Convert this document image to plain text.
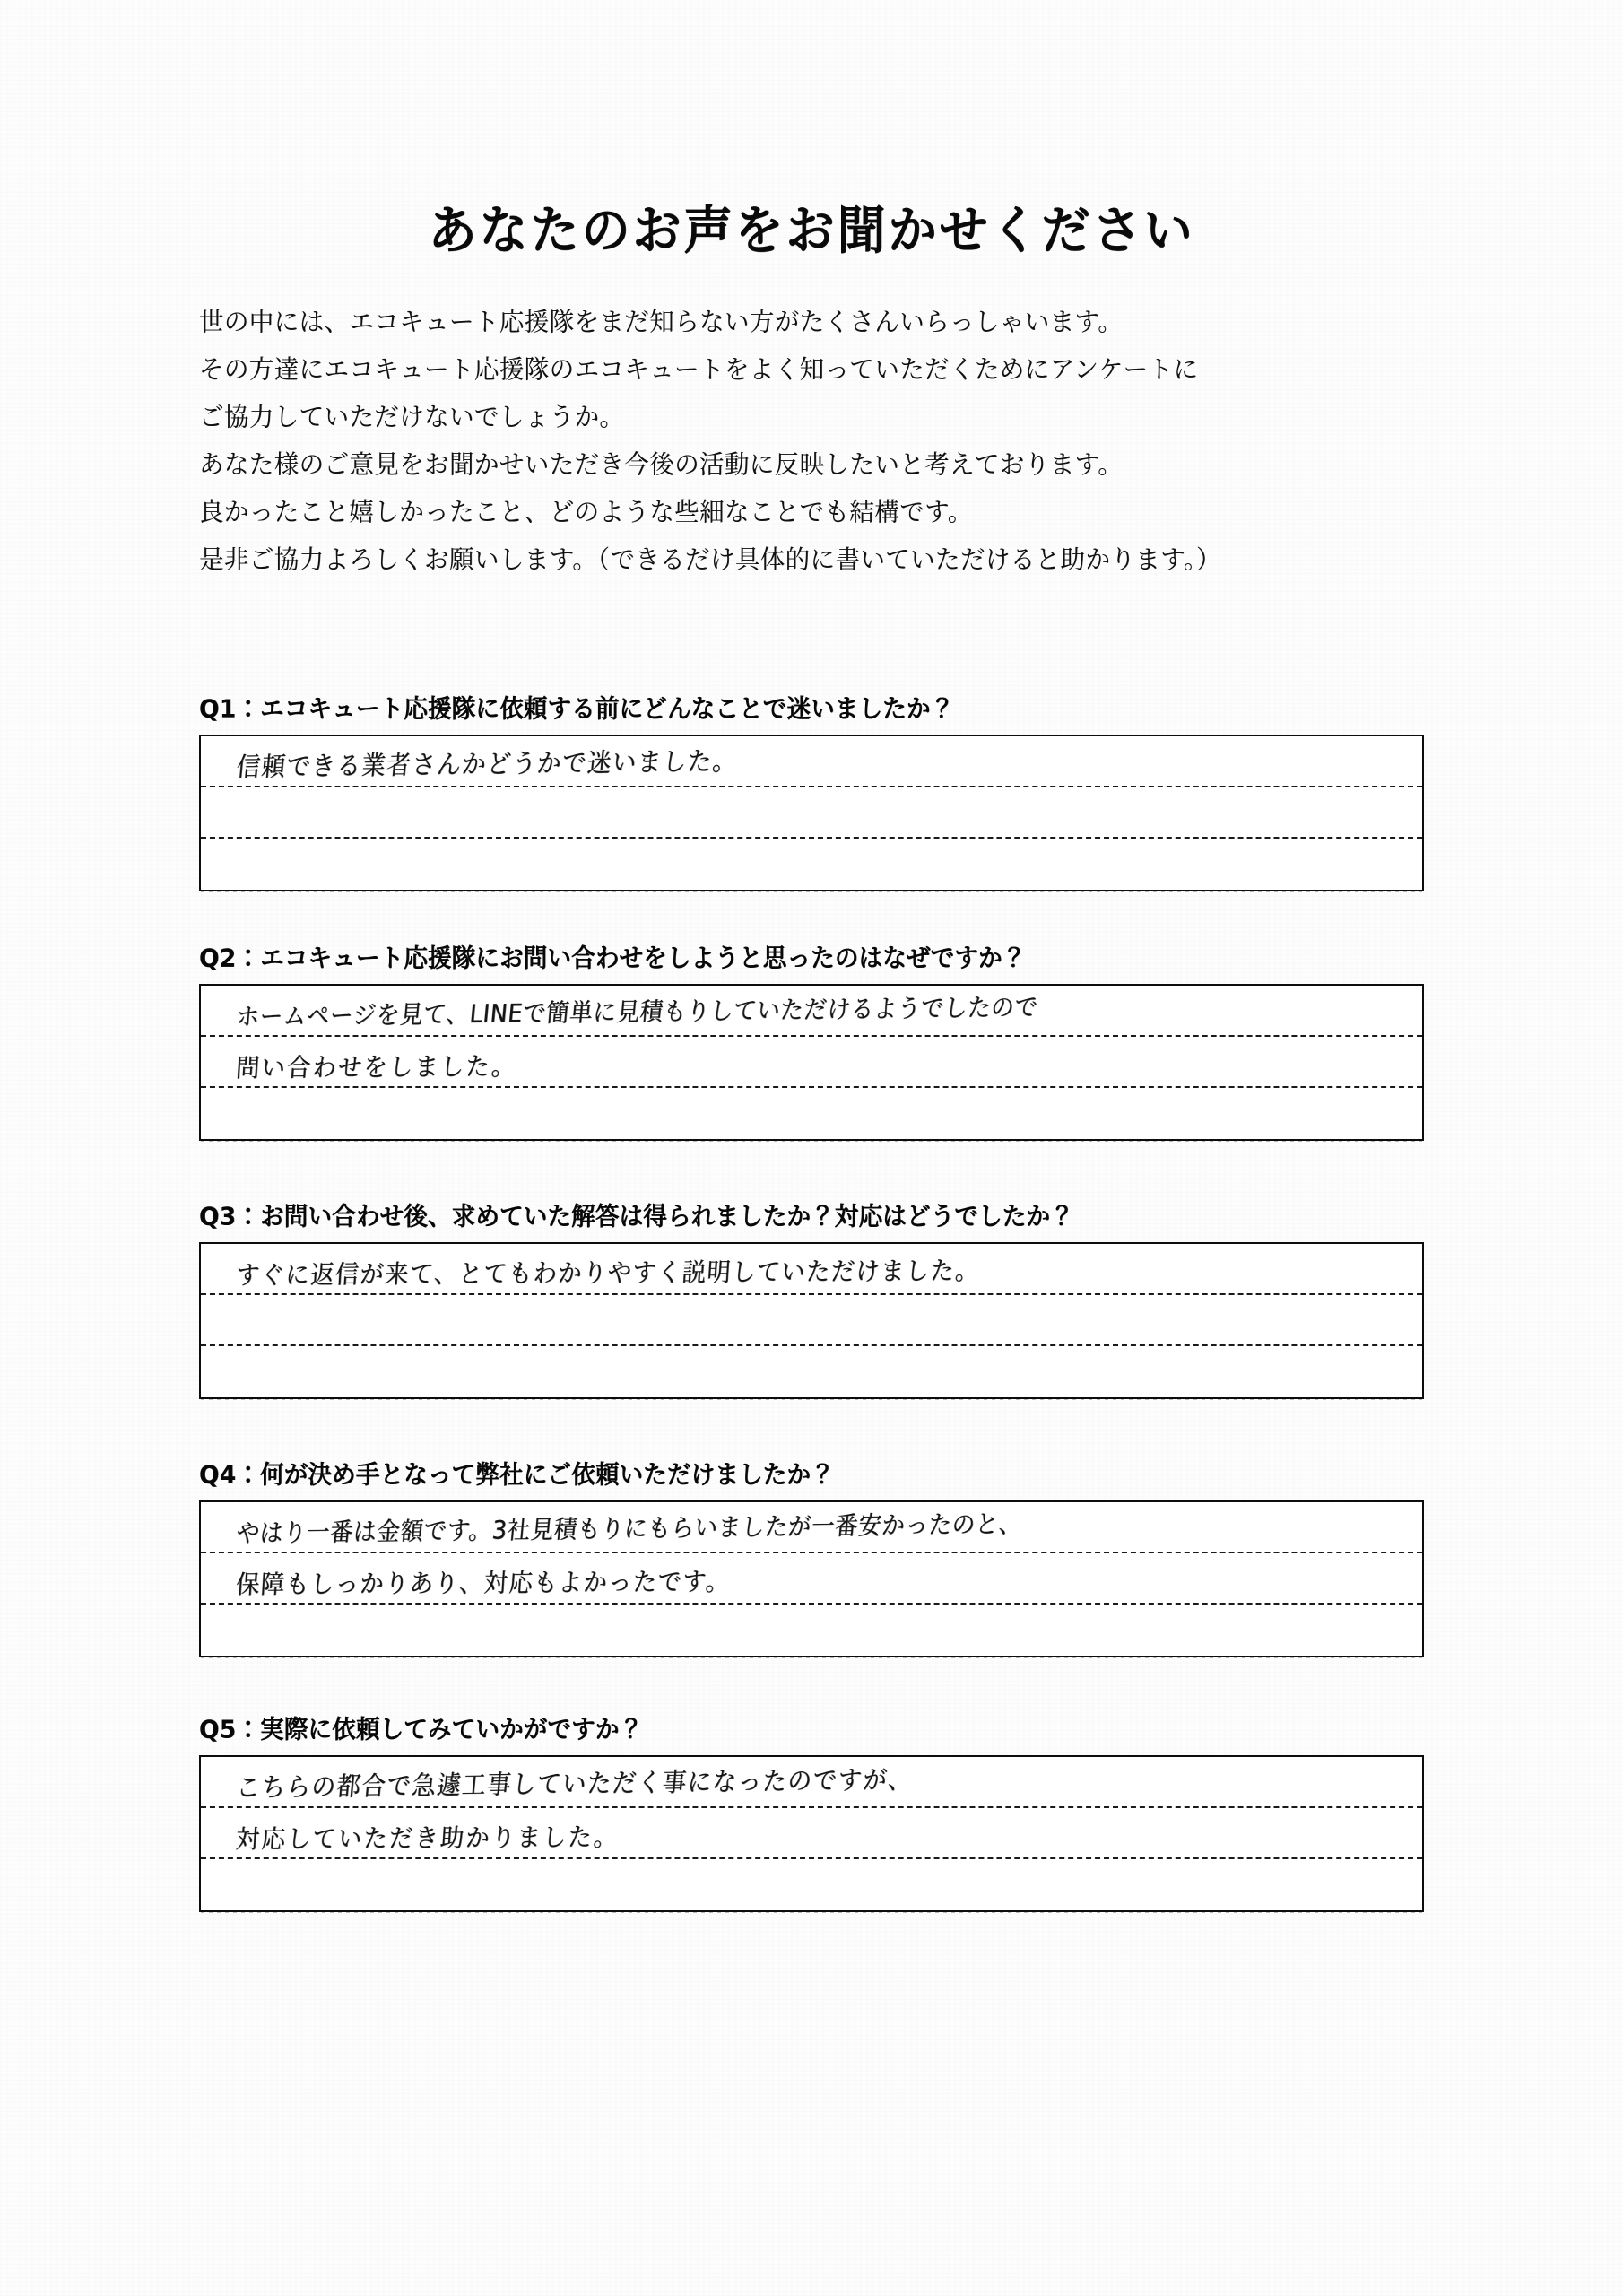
あなたのお声をお聞かせください
世の中には、エコキュート応援隊をまだ知らない方がたくさんいらっしゃいます。
その方達にエコキュート応援隊のエコキュートをよく知っていただくためにアンケートに
ご協力していただけないでしょうか。
あなた様のご意見をお聞かせいただき今後の活動に反映したいと考えております。
良かったこと嬉しかったこと、どのような些細なことでも結構です。
是非ご協力よろしくお願いします。（できるだけ具体的に書いていただけると助かります。）
Q1：エコキュート応援隊に依頼する前にどんなことで迷いましたか？
信頼できる業者さんかどうかで迷いました。
Q2：エコキュート応援隊にお問い合わせをしようと思ったのはなぜですか？
ホームページを見て、LINEで簡単に見積もりしていただけるようでしたので
問い合わせをしました。
Q3：お問い合わせ後、求めていた解答は得られましたか？対応はどうでしたか？
すぐに返信が来て、とてもわかりやすく説明していただけました。
Q4：何が決め手となって弊社にご依頼いただけましたか？
やはり一番は金額です。3社見積もりにもらいましたが一番安かったのと、
保障もしっかりあり、対応もよかったです。
Q5：実際に依頼してみていかがですか？
こちらの都合で急遽工事していただく事になったのですが、
対応していただき助かりました。
